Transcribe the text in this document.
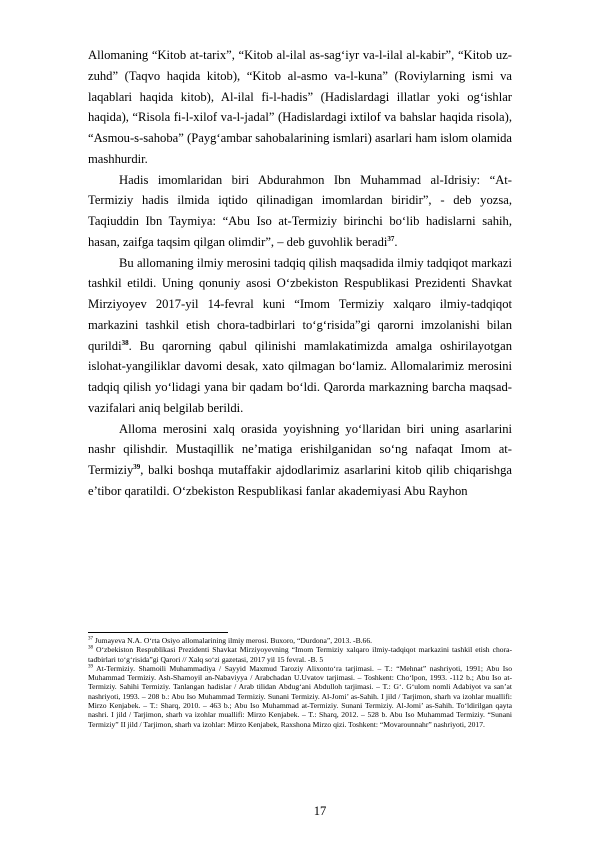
Allomaning “Kitob at-tarix”, “Kitob al-ilal as-sag‘iyr va-l-ilal al-kabir”, “Kitob uz-zuhd” (Taqvo haqida kitob), “Kitob al-asmo va-l-kuna” (Roviylarning ismi va laqablari haqida kitob), Al-ilal fi-l-hadis” (Hadislardagi illatlar yoki og‘ishlar haqida), “Risola fi-l-xilof va-l-jadal” (Hadislardagi ixtilof va bahslar haqida risola), “Asmou-s-sahoba” (Payg‘ambar sahobalarining ismlari) asarlari ham islom olamida mashhurdir.

Hadis imomlaridan biri Abdurahmon Ibn Muhammad al-Idrisiy: “At-Termiziy hadis ilmida iqtido qilinadigan imomlardan biridir”, - deb yozsa, Taqiuddin Ibn Taymiya: “Abu Iso at-Termiziy birinchi bo‘lib hadislarni sahih, hasan, zaifga taqsim qilgan olimdir”, – deb guvohlik beradi$^{37}$.

Bu allomaning ilmiy merosini tadqiq qilish maqsadida ilmiy tadqiqot markazi tashkil etildi. Uning qonuniy asosi O‘zbekiston Respublikasi Prezidenti Shavkat Mirziyoyev 2017-yil 14-fevral kuni “Imom Termiziy xalqaro ilmiy-tadqiqot markazini tashkil etish chora-tadbirlari to‘g‘risida”gi qarorni imzolanishi bilan qurildi$^{38}$. Bu qarorning qabul qilinishi mamlakatimizda amalga oshirilayotgan islohat-yangiliklar davomi desak, xato qilmagan bo‘lamiz. Allomalarimiz merosini tadqiq qilish yo‘lidagi yana bir qadam bo‘ldi. Qarorda markazning barcha maqsad-vazifalari aniq belgilab berildi.

Alloma merosini xalq orasida yoyishning yo‘llaridan biri uning asarlarini nashr qilishdir. Mustaqillik ne’matiga erishilganidan so‘ng nafaqat Imom at-Termiziy$^{39}$, balki boshqa mutaffakir ajdodlarimiz asarlarini kitob qilib chiqarishga e’tibor qaratildi. O‘zbekiston Respublikasi fanlar akademiyasi Abu Rayhon

$^{37}$ Jumayeva N.A. O‘rta Osiyo allomalarining ilmiy merosi. Buxoro, “Durdona”, 2013. -B.66.

$^{38}$ O‘zbekiston Respublikasi Prezidenti Shavkat Mirziyoyevning “Imom Termiziy xalqaro ilmiy-tadqiqot markazini tashkil etish chora-tadbirlari to‘g‘risida”gi Qarori // Xalq so‘zi gazetasi, 2017 yil 15 fevral. -B. 5

$^{39}$ At-Termiziy. Shamoili Muhammadiya / Sayyid Maxmud Taroziy Alixonto‘ra tarjimasi. – T.: “Mehnat” nashriyoti, 1991; Abu Iso Muhammad Termiziy. Ash-Shamoyil an-Nabaviyya / Arabchadan U.Uvatov tarjimasi. – Toshkent: Cho‘lpon, 1993. -112 b.; Abu Iso at-Termiziy. Sahihi Termiziy. Tanlangan hadislar / Arab tilidan Abdug‘ani Abdulloh tarjimasi. – T.: G‘. G‘ulom nomli Adabiyot va san’at nashriyoti, 1993. – 208 b.: Abu Iso Muhammad Termiziy. Sunani Termiziy. Al-Jomi’ as-Sahih. I jild / Tarjimon, sharh va izohlar muallifi: Mirzo Kenjabek. – T.: Sharq, 2010. – 463 b.; Abu Iso Muhammad at-Termiziy. Sunani Termiziy. Al-Jomi’ as-Sahih. To‘ldirilgan qayta nashri. I jild / Tarjimon, sharh va izohlar muallifi: Mirzo Kenjabek. – T.: Sharq, 2012. – 528 b. Abu Iso Muhammad Termiziy. “Sunani Termiziy” II jild / Tarjimon, sharh va izohlar: Mirzo Kenjabek, Raxshona Mirzo qizi. Toshkent: “Movarounnahr” nashriyoti, 2017.

17
